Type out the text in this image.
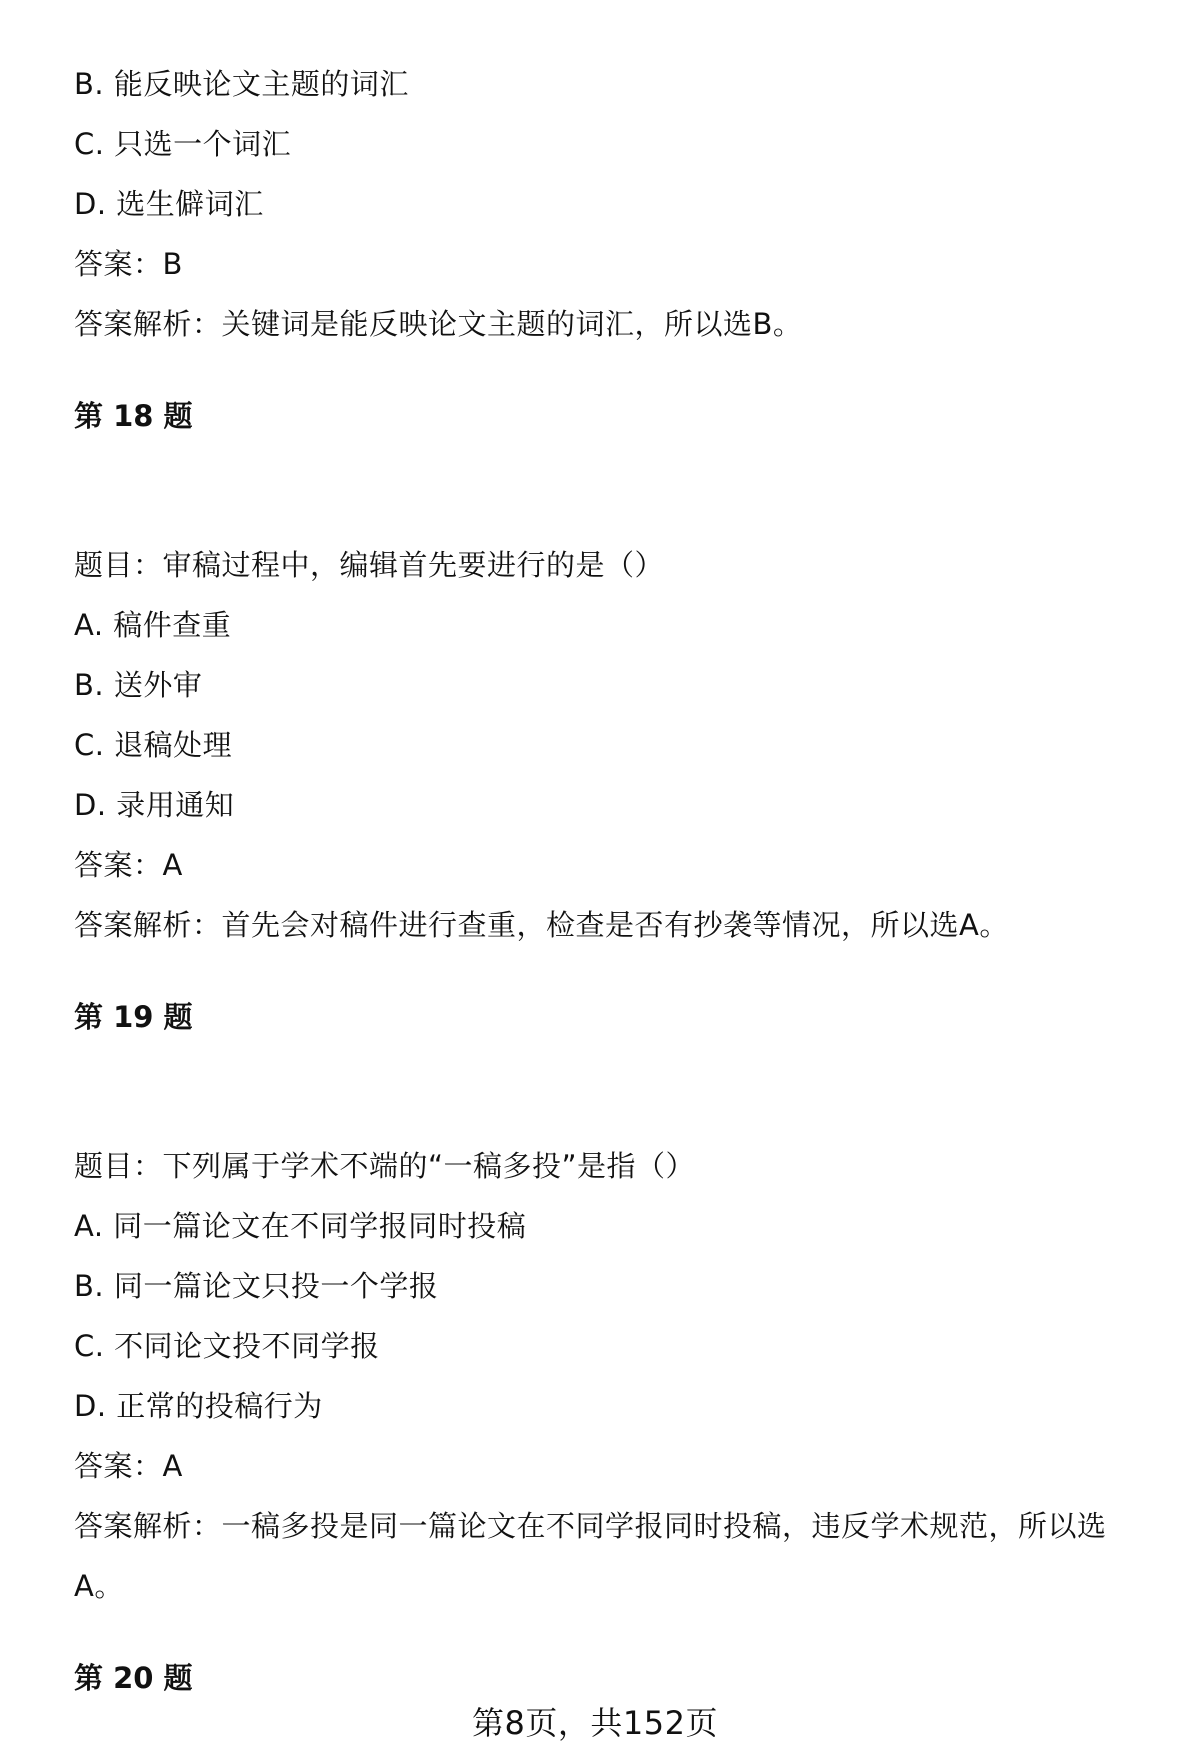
B. 能反映论文主题的词汇
C. 只选一个词汇
D. 选生僻词汇
答案：B
答案解析：关键词是能反映论文主题的词汇，所以选B。
第 18 题
题目：审稿过程中，编辑首先要进行的是（）
A. 稿件查重
B. 送外审
C. 退稿处理
D. 录用通知
答案：A
答案解析：首先会对稿件进行查重，检查是否有抄袭等情况，所以选A。
第 19 题
题目：下列属于学术不端的“一稿多投”是指（）
A. 同一篇论文在不同学报同时投稿
B. 同一篇论文只投一个学报
C. 不同论文投不同学报
D. 正常的投稿行为
答案：A
答案解析：一稿多投是同一篇论文在不同学报同时投稿，违反学术规范，所以选
A。
第 20 题
第8页，共152页
